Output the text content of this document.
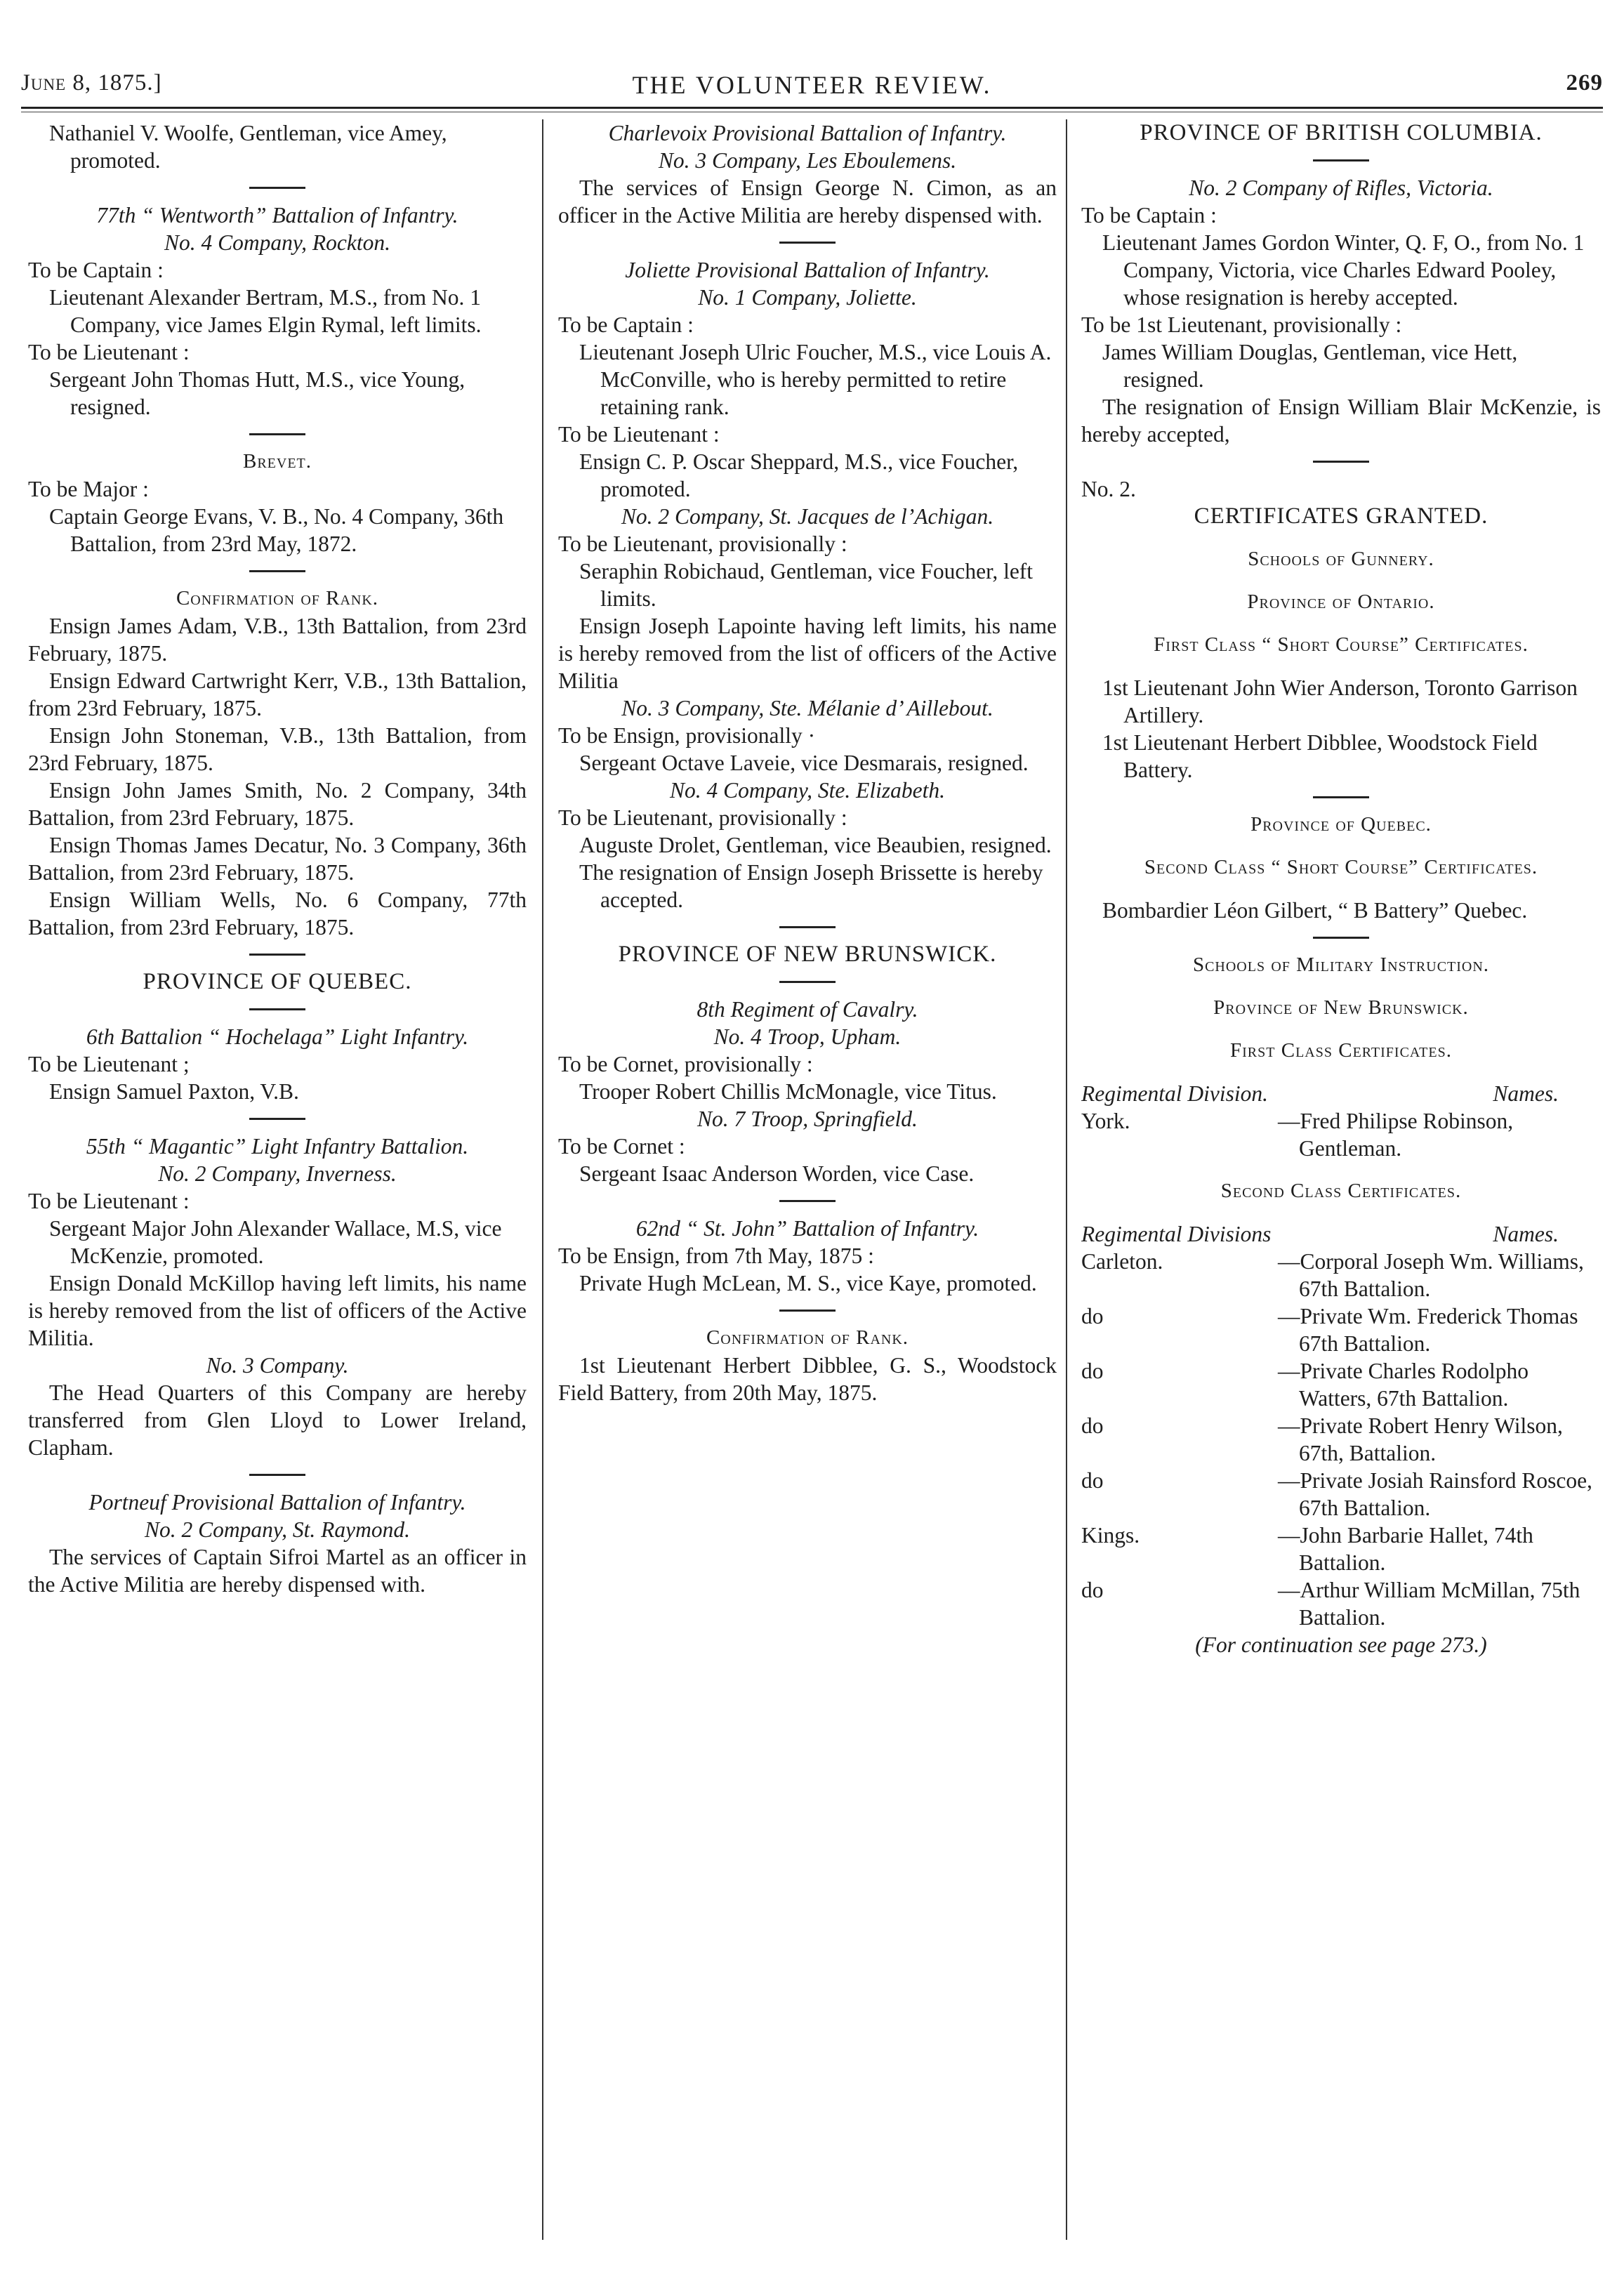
June 8, 1875.]	THE VOLUNTEER REVIEW.	269

Nathaniel V. Woolfe, Gentleman, vice Amey, promoted.

77th “ Wentworth” Battalion of Infantry.

No. 4 Company, Rockton.

To be Captain :

Lieutenant Alexander Bertram, M.S., from No. 1 Company, vice James Elgin Rymal, left limits.

To be Lieutenant :

Sergeant John Thomas Hutt, M.S., vice Young, resigned.

Brevet.

To be Major :

Captain George Evans, V. B., No. 4 Company, 36th Battalion, from 23rd May, 1872.

Confirmation of Rank.

Ensign James Adam, V.B., 13th Battalion, from 23rd February, 1875.

Ensign Edward Cartwright Kerr, V.B., 13th Battalion, from 23rd February, 1875.

Ensign John Stoneman, V.B., 13th Battalion, from 23rd February, 1875.

Ensign John James Smith, No. 2 Company, 34th Battalion, from 23rd February, 1875.

Ensign Thomas James Decatur, No. 3 Company, 36th Battalion, from 23rd February, 1875.

Ensign William Wells, No. 6 Company, 77th Battalion, from 23rd February, 1875.

PROVINCE OF QUEBEC.

6th Battalion “ Hochelaga” Light Infantry.

To be Lieutenant ;

Ensign Samuel Paxton, V.B.

55th “ Magantic” Light Infantry Battalion.

No. 2 Company, Inverness.

To be Lieutenant :

Sergeant Major John Alexander Wallace, M.S, vice McKenzie, promoted.

Ensign Donald McKillop having left limits, his name is hereby removed from the list of officers of the Active Militia.

No. 3 Company.

The Head Quarters of this Company are hereby transferred from Glen Lloyd to Lower Ireland, Clapham.

Portneuf Provisional Battalion of Infantry.

No. 2 Company, St. Raymond.

The services of Captain Sifroi Martel as an officer in the Active Militia are hereby dispensed with.

Charlevoix Provisional Battalion of Infantry.

No. 3 Company, Les Eboulemens.

The services of Ensign George N. Cimon, as an officer in the Active Militia are hereby dispensed with.

Joliette Provisional Battalion of Infantry.

No. 1 Company, Joliette.

To be Captain :

Lieutenant Joseph Ulric Foucher, M.S., vice Louis A. McConville, who is hereby permitted to retire retaining rank.

To be Lieutenant :

Ensign C. P. Oscar Sheppard, M.S., vice Foucher, promoted.

No. 2 Company, St. Jacques de l’Achigan.

To be Lieutenant, provisionally :

Seraphin Robichaud, Gentleman, vice Foucher, left limits.

Ensign Joseph Lapointe having left limits, his name is hereby removed from the list of officers of the Active Militia

No. 3 Company, Ste. Mélanie d’ Aillebout.

To be Ensign, provisionally ·

Sergeant Octave Laveie, vice Desmarais, resigned.

No. 4 Company, Ste. Elizabeth.

To be Lieutenant, provisionally :

Auguste Drolet, Gentleman, vice Beaubien, resigned.

The resignation of Ensign Joseph Brissette is hereby accepted.

PROVINCE OF NEW BRUNSWICK.

8th Regiment of Cavalry.

No. 4 Troop, Upham.

To be Cornet, provisionally :

Trooper Robert Chillis McMonagle, vice Titus.

No. 7 Troop, Springfield.

To be Cornet :

Sergeant Isaac Anderson Worden, vice Case.

62nd “ St. John” Battalion of Infantry.

To be Ensign, from 7th May, 1875 :

Private Hugh McLean, M. S., vice Kaye, promoted.

Confirmation of Rank.

1st Lieutenant Herbert Dibblee, G. S., Woodstock Field Battery, from 20th May, 1875.

PROVINCE OF BRITISH COLUMBIA.

No. 2 Company of Rifles, Victoria.

To be Captain :

Lieutenant James Gordon Winter, Q. F, O., from No. 1 Company, Victoria, vice Charles Edward Pooley, whose resignation is hereby accepted.

To be 1st Lieutenant, provisionally :

James William Douglas, Gentleman, vice Hett, resigned.

The resignation of Ensign William Blair McKenzie, is hereby accepted,

No. 2.

CERTIFICATES GRANTED.

Schools of Gunnery.

Province of Ontario.

First Class “ Short Course” Certificates.

1st Lieutenant John Wier Anderson, Toronto Garrison Artillery.

1st Lieutenant Herbert Dibblee, Woodstock Field Battery.

Province of Quebec.

Second Class “ Short Course” Certificates.

Bombardier Léon Gilbert, “ B Battery” Quebec.

Schools of Military Instruction.

Province of New Brunswick.

First Class Certificates.

Regimental Division.	Names.
York.	—Fred Philipse Robinson, Gentleman.

Second Class Certificates.

Regimental Divisions	Names.
Carleton.	—Corporal Joseph Wm. Williams, 67th Battalion.
do	—Private Wm. Frederick Thomas 67th Battalion.
do	—Private Charles Rodolpho Watters, 67th Battalion.
do	—Private Robert Henry Wilson, 67th, Battalion.
do	—Private Josiah Rainsford Roscoe, 67th Battalion.
Kings.	—John Barbarie Hallet, 74th Battalion.
do	—Arthur William McMillan, 75th Battalion.

(For continuation see page 273.)
